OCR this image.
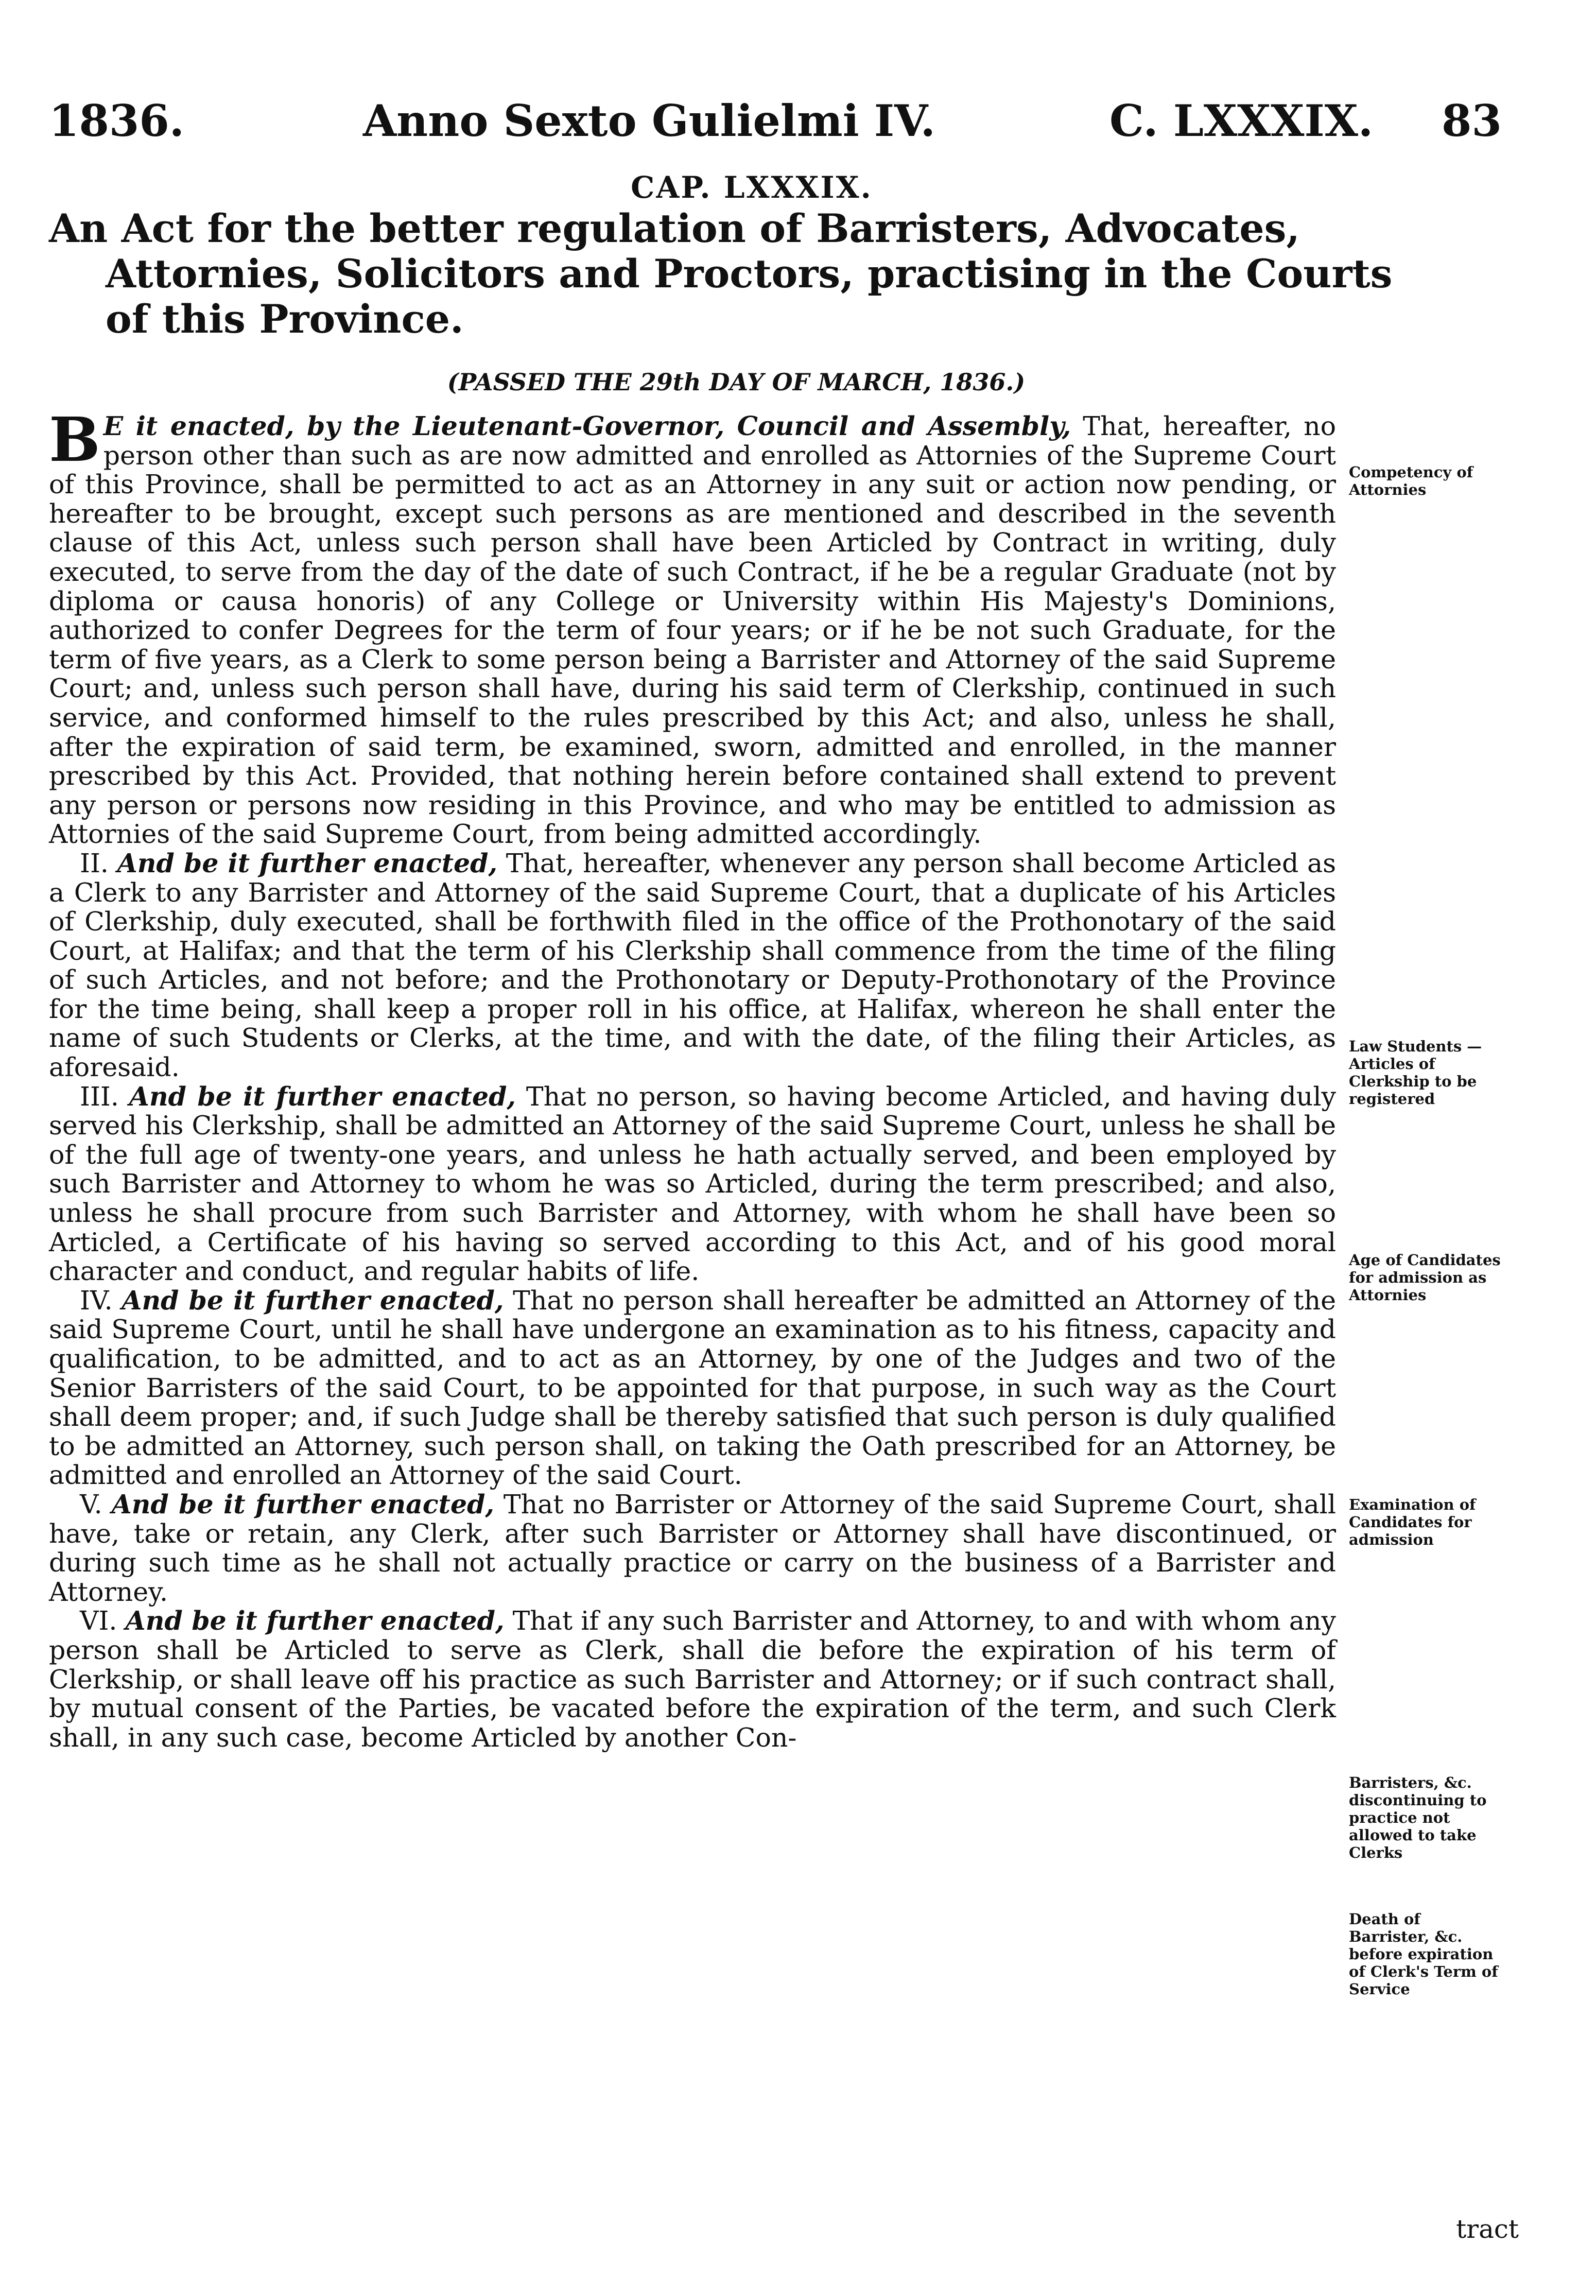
1836.	Anno Sexto Gulielmi IV.	C. LXXXIX. 83
CAP. LXXXIX.
An Act for the better regulation of Barristers, Advocates, Attornies, Solicitors and Proctors, practising in the Courts of this Province.
(PASSED THE 29th DAY OF MARCH, 1836.)

B E it enacted, by the Lieutenant-Governor, Council and Assembly, That, hereafter, no person other than such as are now admitted and enrolled as Attornies of the Supreme Court of this Province, shall be permitted to act as an Attorney in any suit or action now pending, or hereafter to be brought, except such persons as are mentioned and described in the seventh clause of this Act, unless such person shall have been Articled by Contract in writing, duly executed, to serve from the day of the date of such Contract, if he be a regular Graduate (not by diploma or causa honoris) of any College or University within His Majesty's Dominions, authorized to confer Degrees for the term of four years; or if he be not such Graduate, for the term of five years, as a Clerk to some person being a Barrister and Attorney of the said Supreme Court; and, unless such person shall have, during his said term of Clerkship, continued in such service, and conformed himself to the rules prescribed by this Act; and also, unless he shall, after the expiration of said term, be examined, sworn, admitted and enrolled, in the manner prescribed by this Act. Provided, that nothing herein before contained shall extend to prevent any person or persons now residing in this Province, and who may be entitled to admission as Attornies of the said Supreme Court, from being admitted accordingly.

II. And be it further enacted, That, hereafter, whenever any person shall become Articled as a Clerk to any Barrister and Attorney of the said Supreme Court, that a duplicate of his Articles of Clerkship, duly executed, shall be forthwith filed in the office of the Prothonotary of the said Court, at Halifax; and that the term of his Clerkship shall commence from the time of the filing of such Articles, and not before; and the Prothonotary or Deputy-Prothonotary of the Province for the time being, shall keep a proper roll in his office, at Halifax, whereon he shall enter the name of such Students or Clerks, at the time, and with the date, of the filing their Articles, as aforesaid.

III. And be it further enacted, That no person, so having become Articled, and having duly served his Clerkship, shall be admitted an Attorney of the said Supreme Court, unless he shall be of the full age of twenty-one years, and unless he hath actually served, and been employed by such Barrister and Attorney to whom he was so Articled, during the term prescribed; and also, unless he shall procure from such Barrister and Attorney, with whom he shall have been so Articled, a Certificate of his having so served according to this Act, and of his good moral character and conduct, and regular habits of life.

IV. And be it further enacted, That no person shall hereafter be admitted an Attorney of the said Supreme Court, until he shall have undergone an examination as to his fitness, capacity and qualification, to be admitted, and to act as an Attorney, by one of the Judges and two of the Senior Barristers of the said Court, to be appointed for that purpose, in such way as the Court shall deem proper; and, if such Judge shall be thereby satisfied that such person is duly qualified to be admitted an Attorney, such person shall, on taking the Oath prescribed for an Attorney, be admitted and enrolled an Attorney of the said Court.

V. And be it further enacted, That no Barrister or Attorney of the said Supreme Court, shall have, take or retain, any Clerk, after such Barrister or Attorney shall have discontinued, or during such time as he shall not actually practice or carry on the business of a Barrister and Attorney.

VI. And be it further enacted, That if any such Barrister and Attorney, to and with whom any person shall be Articled to serve as Clerk, shall die before the expiration of his term of Clerkship, or shall leave off his practice as such Barrister and Attorney; or if such contract shall, by mutual consent of the Parties, be vacated before the expiration of the term, and such Clerk shall, in any such case, become Articled by another Con-

tract
Competency of Attornies
Law Students —Articles of Clerkship to be registered
Age of Candidates for admission as Attornies
Examination of Candidates for admission
Barristers, &c. discontinuing to practice not allowed to take Clerks
Death of Barrister, &c. before expiration of Clerk's Term of Service
